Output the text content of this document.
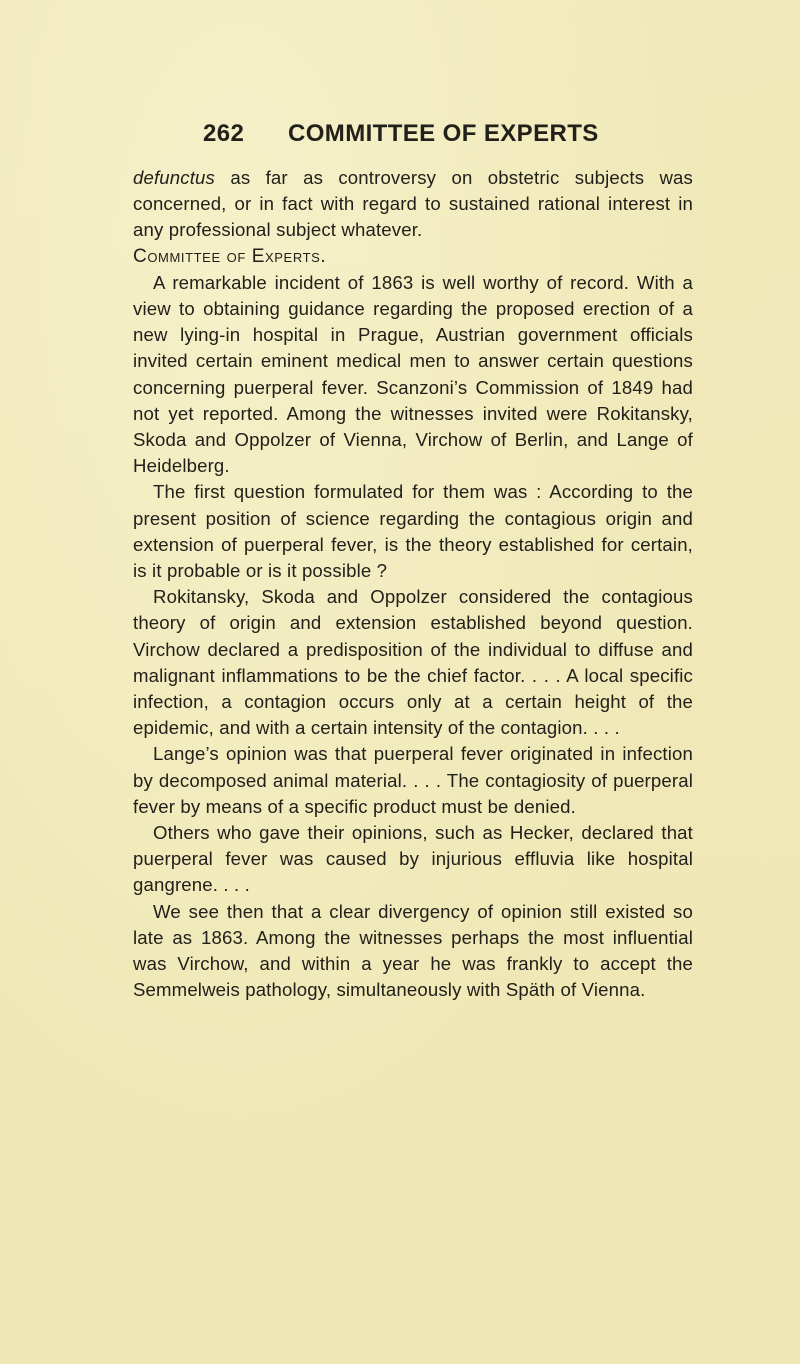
262 COMMITTEE OF EXPERTS

defunctus as far as controversy on obstetric subjects was concerned, or in fact with regard to sustained rational interest in any professional subject whatever.

Committee of Experts.

A remarkable incident of 1863 is well worthy of record. With a view to obtaining guidance regarding the proposed erection of a new lying-in hospital in Prague, Austrian government officials invited certain eminent medical men to answer certain questions concerning puerperal fever. Scanzoni’s Commission of 1849 had not yet reported. Among the witnesses invited were Rokitansky, Skoda and Oppolzer of Vienna, Virchow of Berlin, and Lange of Heidelberg.

The first question formulated for them was : According to the present position of science regarding the contagious origin and extension of puerperal fever, is the theory established for certain, is it probable or is it possible ?

Rokitansky, Skoda and Oppolzer considered the contagious theory of origin and extension established beyond question. Virchow declared a predisposition of the individual to diffuse and malignant inflammations to be the chief factor. . . . A local specific infection, a contagion occurs only at a certain height of the epidemic, and with a certain intensity of the contagion. . . .

Lange’s opinion was that puerperal fever originated in infection by decomposed animal material. . . . The contagiosity of puerperal fever by means of a specific product must be denied.

Others who gave their opinions, such as Hecker, declared that puerperal fever was caused by injurious effluvia like hospital gangrene. . . .

We see then that a clear divergency of opinion still existed so late as 1863. Among the witnesses perhaps the most influential was Virchow, and within a year he was frankly to accept the Semmelweis pathology, simultaneously with Späth of Vienna.
